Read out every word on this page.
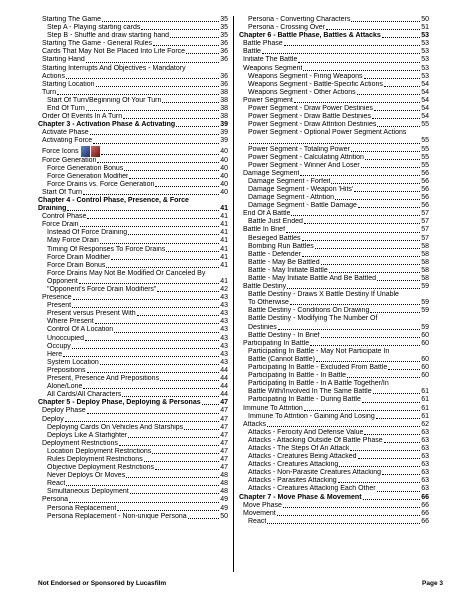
Starting The Game	35
Step A - Playing starting cards	35
Step B - Shuffle and draw starting hand	35
Starting The Game - General Rules	36
Cards That May Not Be Placed Into Life Force	36
Starting Hand	36
Starting Interrupts And Objectives - Mandatory
Actions	36
Starting Location	36
Turn	38
Start Of Turn/Beginning Of Your Turn	38
End Of Turn	38
Order Of Events In A Turn	38
Chapter 3 - Activation Phase & Activating	39
Activate Phase	39
Activating Force	39
Force Icons	40
Force Generation	40
Force Generation Bonus	40
Force Generation Modifier	40
Force Drains vs. Force Generation	40
Start Of Turn	40
Chapter 4 - Control Phase, Presence, & Force
Draining	41
Control Phase	41
Force Drain	41
Instead Of Force Draining	41
May Force Drain	41
Timing Of Responses To Force Drains	41
Force Drain Modifier	41
Force Drain Bonus	41
Force Drains May Not Be Modified Or Canceled By
Opponent	41
"Opponent's Force Drain Modifiers"	42
Presence	43
Present	43
Present versus Present With	43
Where Present	43
Control Of A Location	43
Unoccupied	43
Occupy	43
Here	43
System Location	43
Prepositions	44
Present, Presence And Prepositions	44
Alone/Lone	44
All Cards/All Characters	44
Chapter 5 - Deploy Phase, Deploying & Personas	47
Deploy Phase	47
Deploy	47
Deploying Cards On Vehicles And Starships	47
Deploys Like A Starfighter	47
Deployment Restrictions	47
Location Deployment Restrictions	47
Rules Deployment Restrictions	47
Objective Deployment Restrictions	47
Never Deploys Or Moves	48
React	48
Simultaneous Deployment	48
Persona	49
Persona Replacement	49
Persona Replacement - Non-unique Persona	50
Persona - Converting Characters	50
Persona - Crossing Over	51
Chapter 6 - Battle Phase, Battles & Attacks	53
Battle Phase	53
Battle	53
Initiate The Battle	53
Weapons Segment	53
Weapons Segment - Firing Weapons	53
Weapons Segment - Battle-Specific Actions	54
Weapons Segment - Other Actions	54
Power Segment	54
Power Segment - Draw Power Destinies	54
Power Segment - Draw Battle Destinies	54
Power Segment - Draw Attrition Destinies	55
Power Segment - Optional Power Segment Actions
55
Power Segment - Totaling Power	55
Power Segment - Calculating Attrition	55
Power Segment - Winner And Loser	55
Damage Segment	56
Damage Segment - Forfeit	56
Damage Segment - Weapon 'Hits'	56
Damage Segment - Attrition	56
Damage Segment - Battle Damage	56
End Of A Battle	57
Battle Just Ended	57
Battle In Brief	57
Besieged Battles	57
Bombing Run Battles	58
Battle - Defender	58
Battle - May Be Battled	58
Battle - May Initiate Battle	58
Battle - May Initiate Battle And Be Battled	58
Battle Destiny	59
Battle Destiny - Draws X Battle Destiny If Unable
To Otherwise	59
Battle Destiny - Conditions On Drawing	59
Battle Destiny - Modifying The Number Of
Destinies	59
Battle Destiny - In Brief	60
Participating In Battle	60
Participating In Battle - May Not Participate In
Battle (Cannot Battle)	60
Participating In Battle - Excluded From Battle	60
Participating In Battle - In Battle	60
Participating In Battle - In A Battle Together/In
Battle With/Involved In The Same Battle	61
Participating In Battle - During Battle	61
Immune To Attrition	61
Immune To Attrition - Gaining And Losing	61
Attacks	62
Attacks - Ferocity And Defense Value	63
Attacks - Attacking Outside Of Battle Phase	63
Attacks - The Steps Of An Attack	63
Attacks - Creatures Being Attacked	63
Attacks - Creatures Attacking	63
Attacks - Non-Parasite Creatures Attacking	63
Attacks - Parasites Attacking	63
Attacks - Creatures Attacking Each Other	63
Chapter 7 - Move Phase & Movement	66
Move Phase	66
Movement	66
React	66
Not Endorsed or Sponsored by Lucasfilm	Page 3
